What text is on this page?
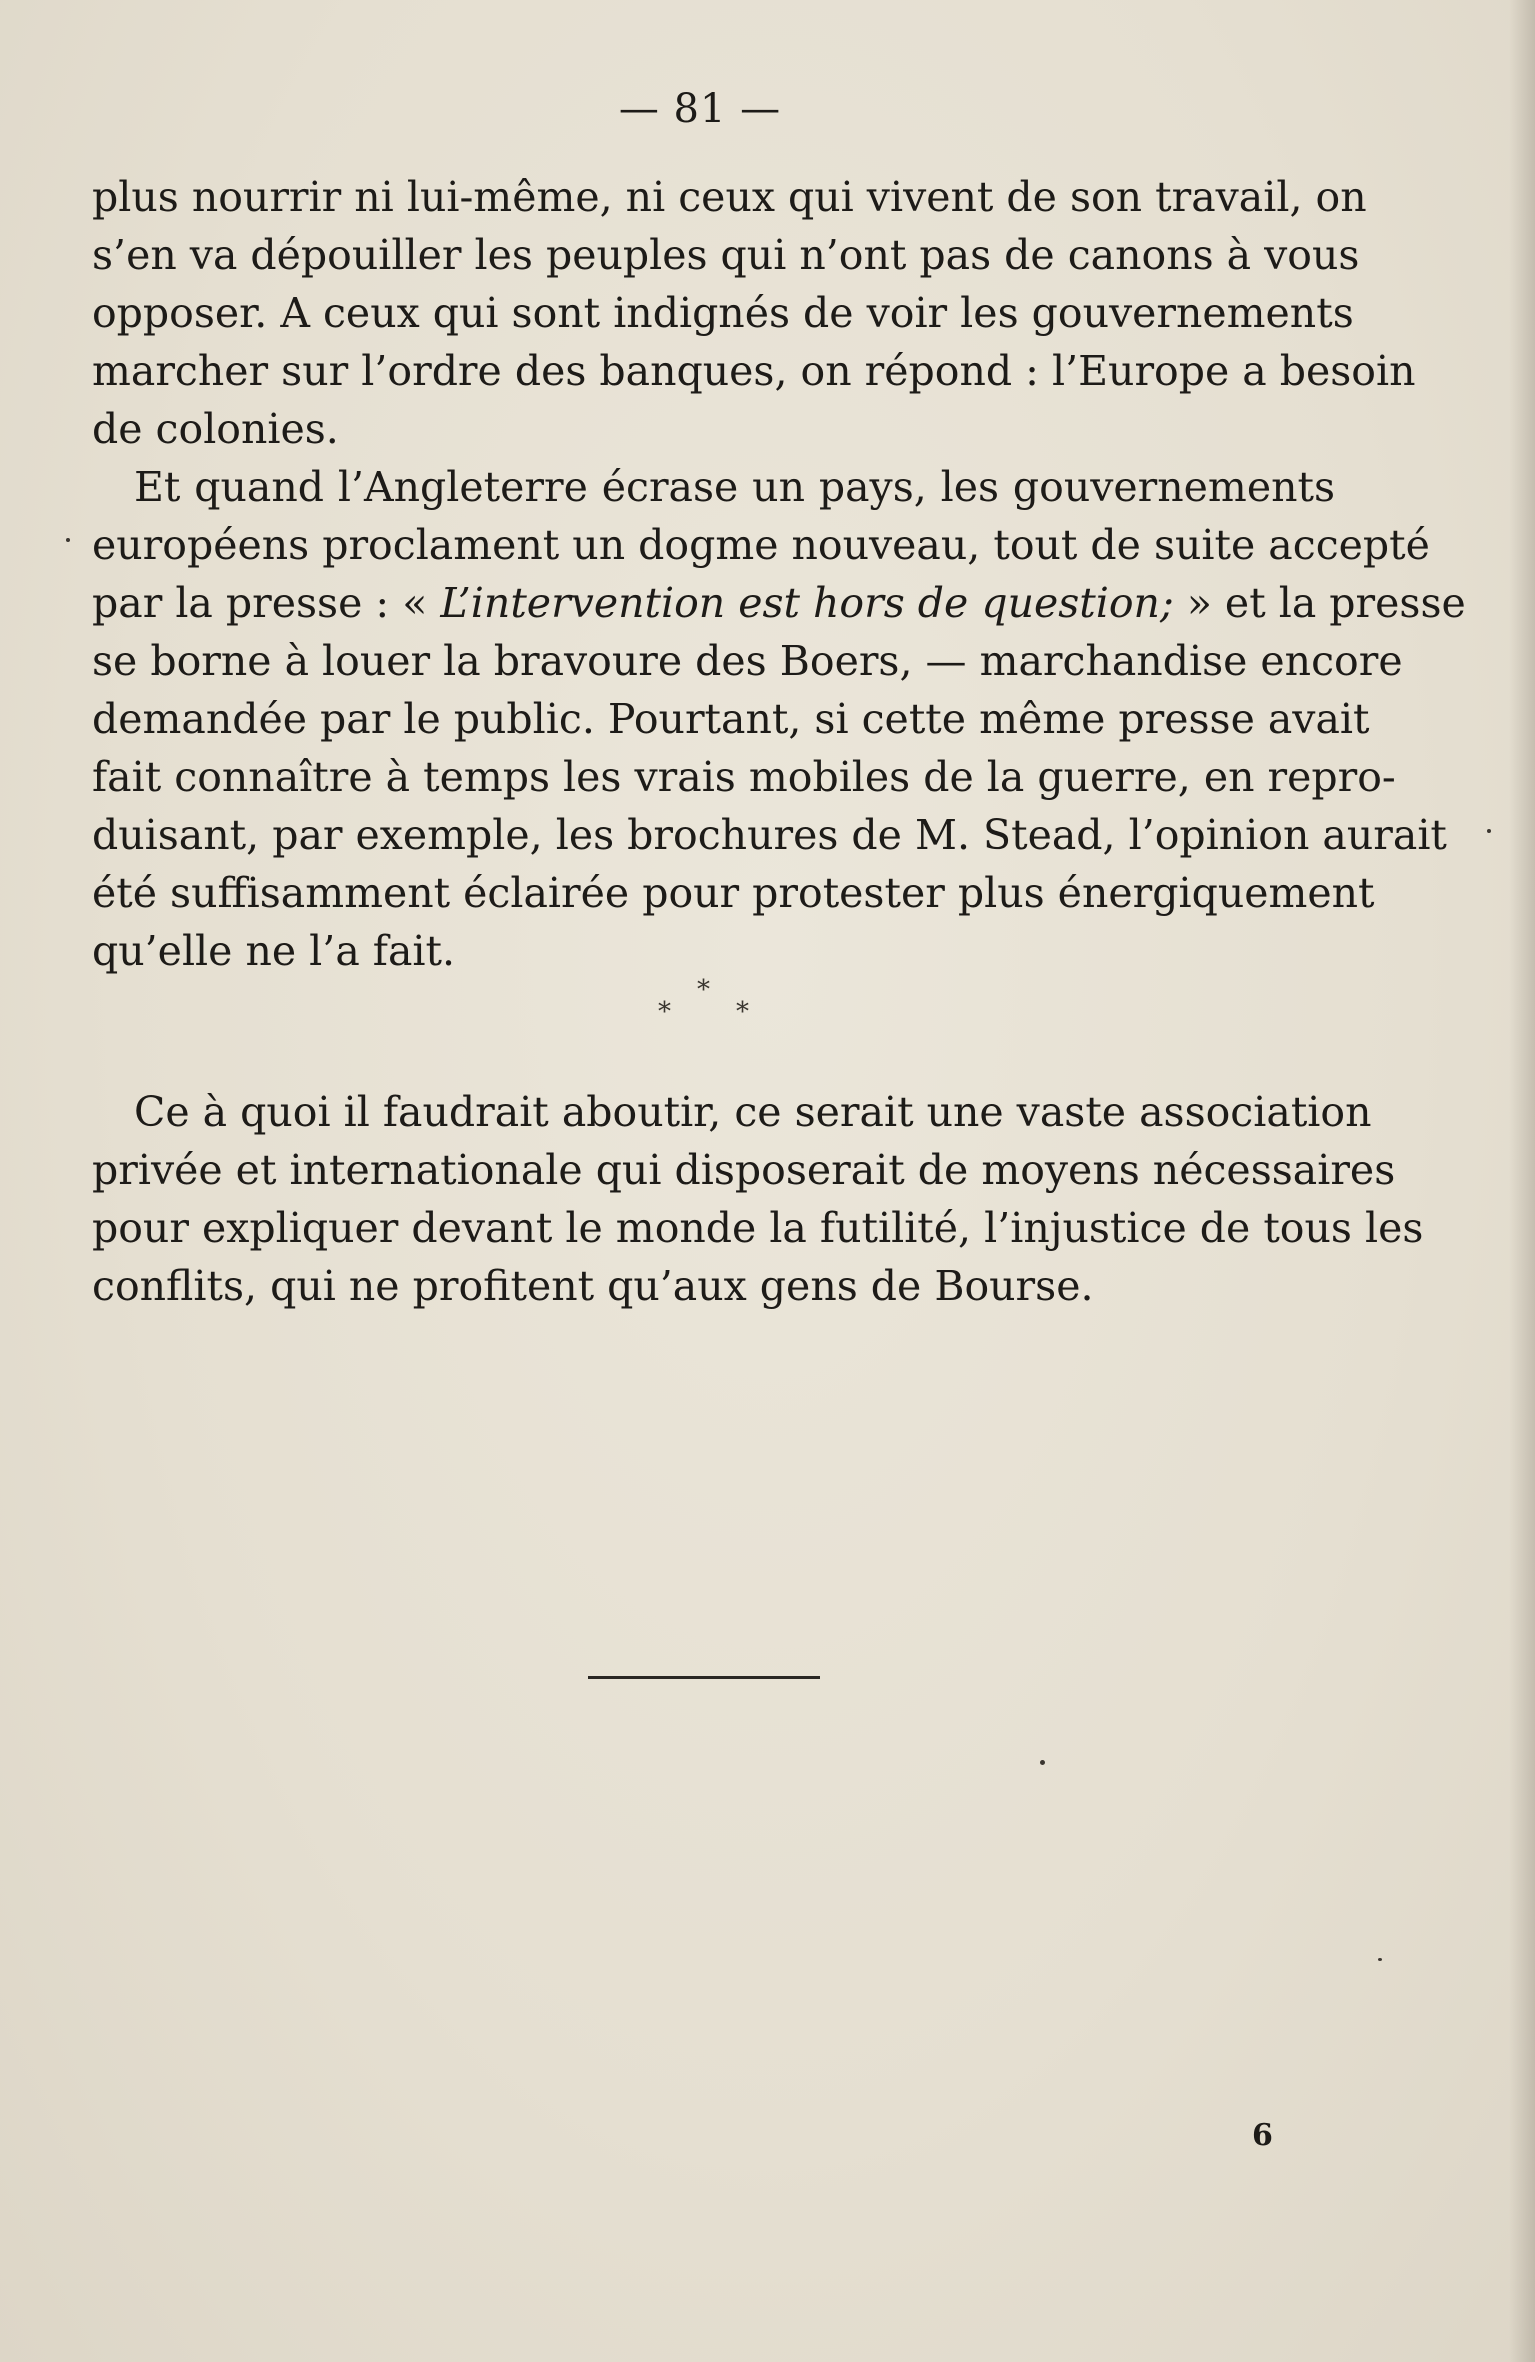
— 81 —
plus nourrir ni lui-même, ni ceux qui vivent de son travail, on
s’en va dépouiller les peuples qui n’ont pas de canons à vous
opposer. A ceux qui sont indignés de voir les gouvernements
marcher sur l’ordre des banques, on répond : l’Europe a besoin
de colonies.
Et quand l’Angleterre écrase un pays, les gouvernements
européens proclament un dogme nouveau, tout de suite accepté
par la presse : « L’intervention est hors de question; » et la presse
se borne à louer la bravoure des Boers, — marchandise encore
demandée par le public. Pourtant, si cette même presse avait
fait connaître à temps les vrais mobiles de la guerre, en repro-
duisant, par exemple, les brochures de M. Stead, l’opinion aurait
été suffisamment éclairée pour protester plus énergiquement
qu’elle ne l’a fait.
*
*	*
Ce à quoi il faudrait aboutir, ce serait une vaste association
privée et internationale qui disposerait de moyens nécessaires
pour expliquer devant le monde la futilité, l’injustice de tous les
conflits, qui ne profitent qu’aux gens de Bourse.
6
